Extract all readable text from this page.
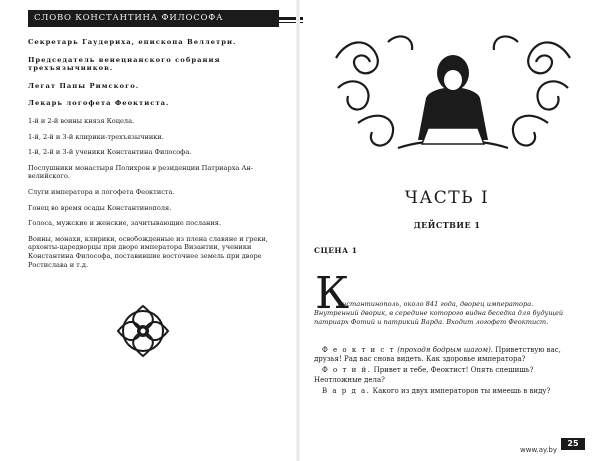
СЛОВО КОНСТАНТИНА ФИЛОСОФА

Секретарь Гаудериха, епископа Веллетри.

Председатель венецианского собрания трехъязычников.

Легат Папы Римского.

Лекарь логофета Феоктиста.

1-й и 2-й воины князя Коцела.

1-й, 2-й и 3-й клирики-трехъязычники.

1-й, 2-й и 3-й ученики Константина Философа.

Послушники монастыря Полихрон в резиденции Патриарха Анвелийского.

Слуги императора и логофета Феоктиста.

Гонец во время осады Константинополя.

Голоса, мужские и женские, зачитывающие послания.

Воины, монахи, клирики, освобожденные из плена славяне и греки, архонты-царедворцы при дворе императора Византии, ученики Константина Философа, поставившие восточнее земель при дворе Ростислава и т.д.

ЧАСТЬ I
ДЕЙСТВИЕ 1
СЦЕНА 1
К
онстантинополь, около 841 года, дворец императора.
Внутренний дворик, в середине которого видна беседка для будущей патриарх Фотий и патрикий Варда. Входит логофет Феоктист.

Ф е о к т и с т (проходя бодрым шагом). Приветствую вас, друзья! Рад вас снова видеть. Как здоровье императора?

Ф о т и й. Привет и тебе, Феоктист! Опять спешишь? Неотложные дела?

В а р д а. Какого из двух императоров ты имеешь в виду?

25
www.ay.by
